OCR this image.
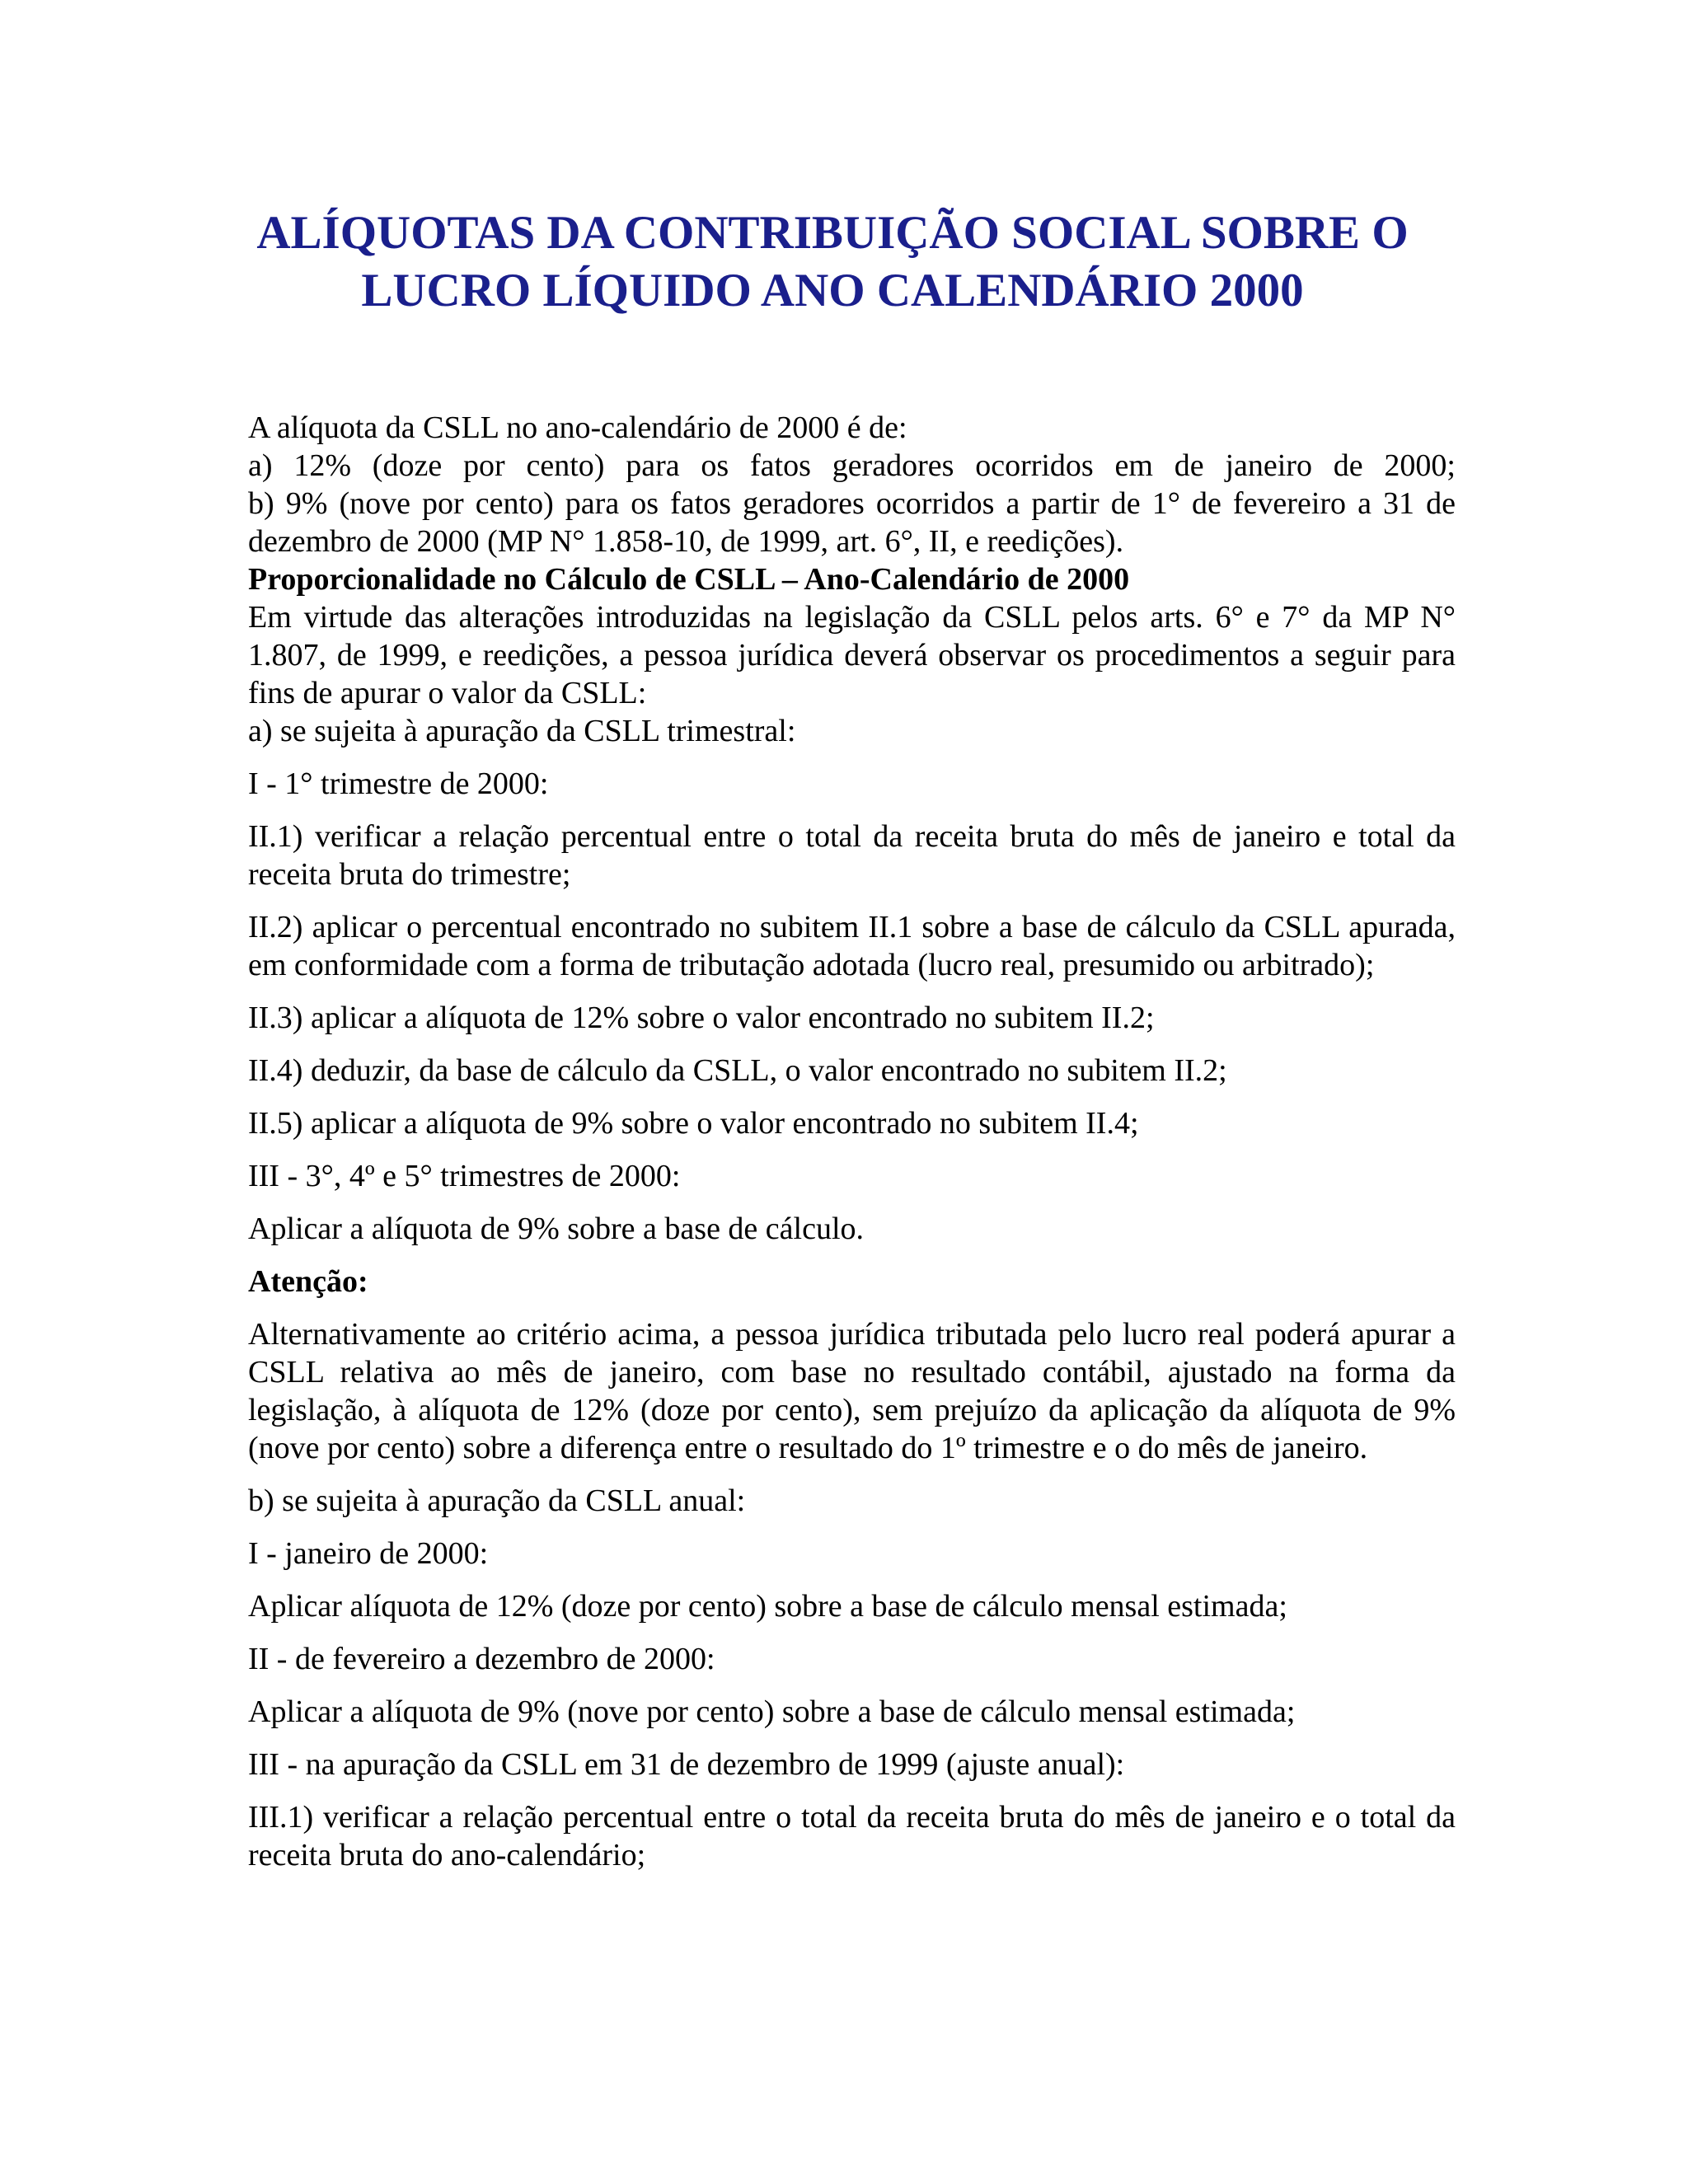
ALÍQUOTAS DA CONTRIBUIÇÃO SOCIAL SOBRE O
LUCRO LÍQUIDO ANO CALENDÁRIO 2000

A alíquota da CSLL no ano-calendário de 2000 é de:

a) 12% (doze por cento) para os fatos geradores ocorridos em de janeiro de 2000;

b) 9% (nove por cento) para os fatos geradores ocorridos a partir de 1° de fevereiro a 31 de dezembro de 2000 (MP N° 1.858-10, de 1999, art. 6°, II, e reedições).

Proporcionalidade no Cálculo de CSLL – Ano-Calendário de 2000

Em virtude das alterações introduzidas na legislação da CSLL pelos arts. 6° e 7° da MP N° 1.807, de 1999, e reedições, a pessoa jurídica deverá observar os procedimentos a seguir para fins de apurar o valor da CSLL:

a) se sujeita à apuração da CSLL trimestral:

I - 1° trimestre de 2000:

II.1) verificar a relação percentual entre o total da receita bruta do mês de janeiro e total da receita bruta do trimestre;

II.2) aplicar o percentual encontrado no subitem II.1 sobre a base de cálculo da CSLL apurada, em conformidade com a forma de tributação adotada (lucro real, presumido ou arbitrado);

II.3) aplicar a alíquota de 12% sobre o valor encontrado no subitem II.2;

II.4) deduzir, da base de cálculo da CSLL, o valor encontrado no subitem II.2;

II.5) aplicar a alíquota de 9% sobre o valor encontrado no subitem II.4;

III - 3°, 4º e 5° trimestres de 2000:

Aplicar a alíquota de 9% sobre a base de cálculo.

Atenção:

Alternativamente ao critério acima, a pessoa jurídica tributada pelo lucro real poderá apurar a CSLL relativa ao mês de janeiro, com base no resultado contábil, ajustado na forma da legislação, à alíquota de 12% (doze por cento), sem prejuízo da aplicação da alíquota de 9% (nove por cento) sobre a diferença entre o resultado do 1º trimestre e o do mês de janeiro.

b) se sujeita à apuração da CSLL anual:

I - janeiro de 2000:

Aplicar alíquota de 12% (doze por cento) sobre a base de cálculo mensal estimada;

II - de fevereiro a dezembro de 2000:

Aplicar a alíquota de 9% (nove por cento) sobre a base de cálculo mensal estimada;

III - na apuração da CSLL em 31 de dezembro de 1999 (ajuste anual):

III.1) verificar a relação percentual entre o total da receita bruta do mês de janeiro e o total da receita bruta do ano-calendário;
